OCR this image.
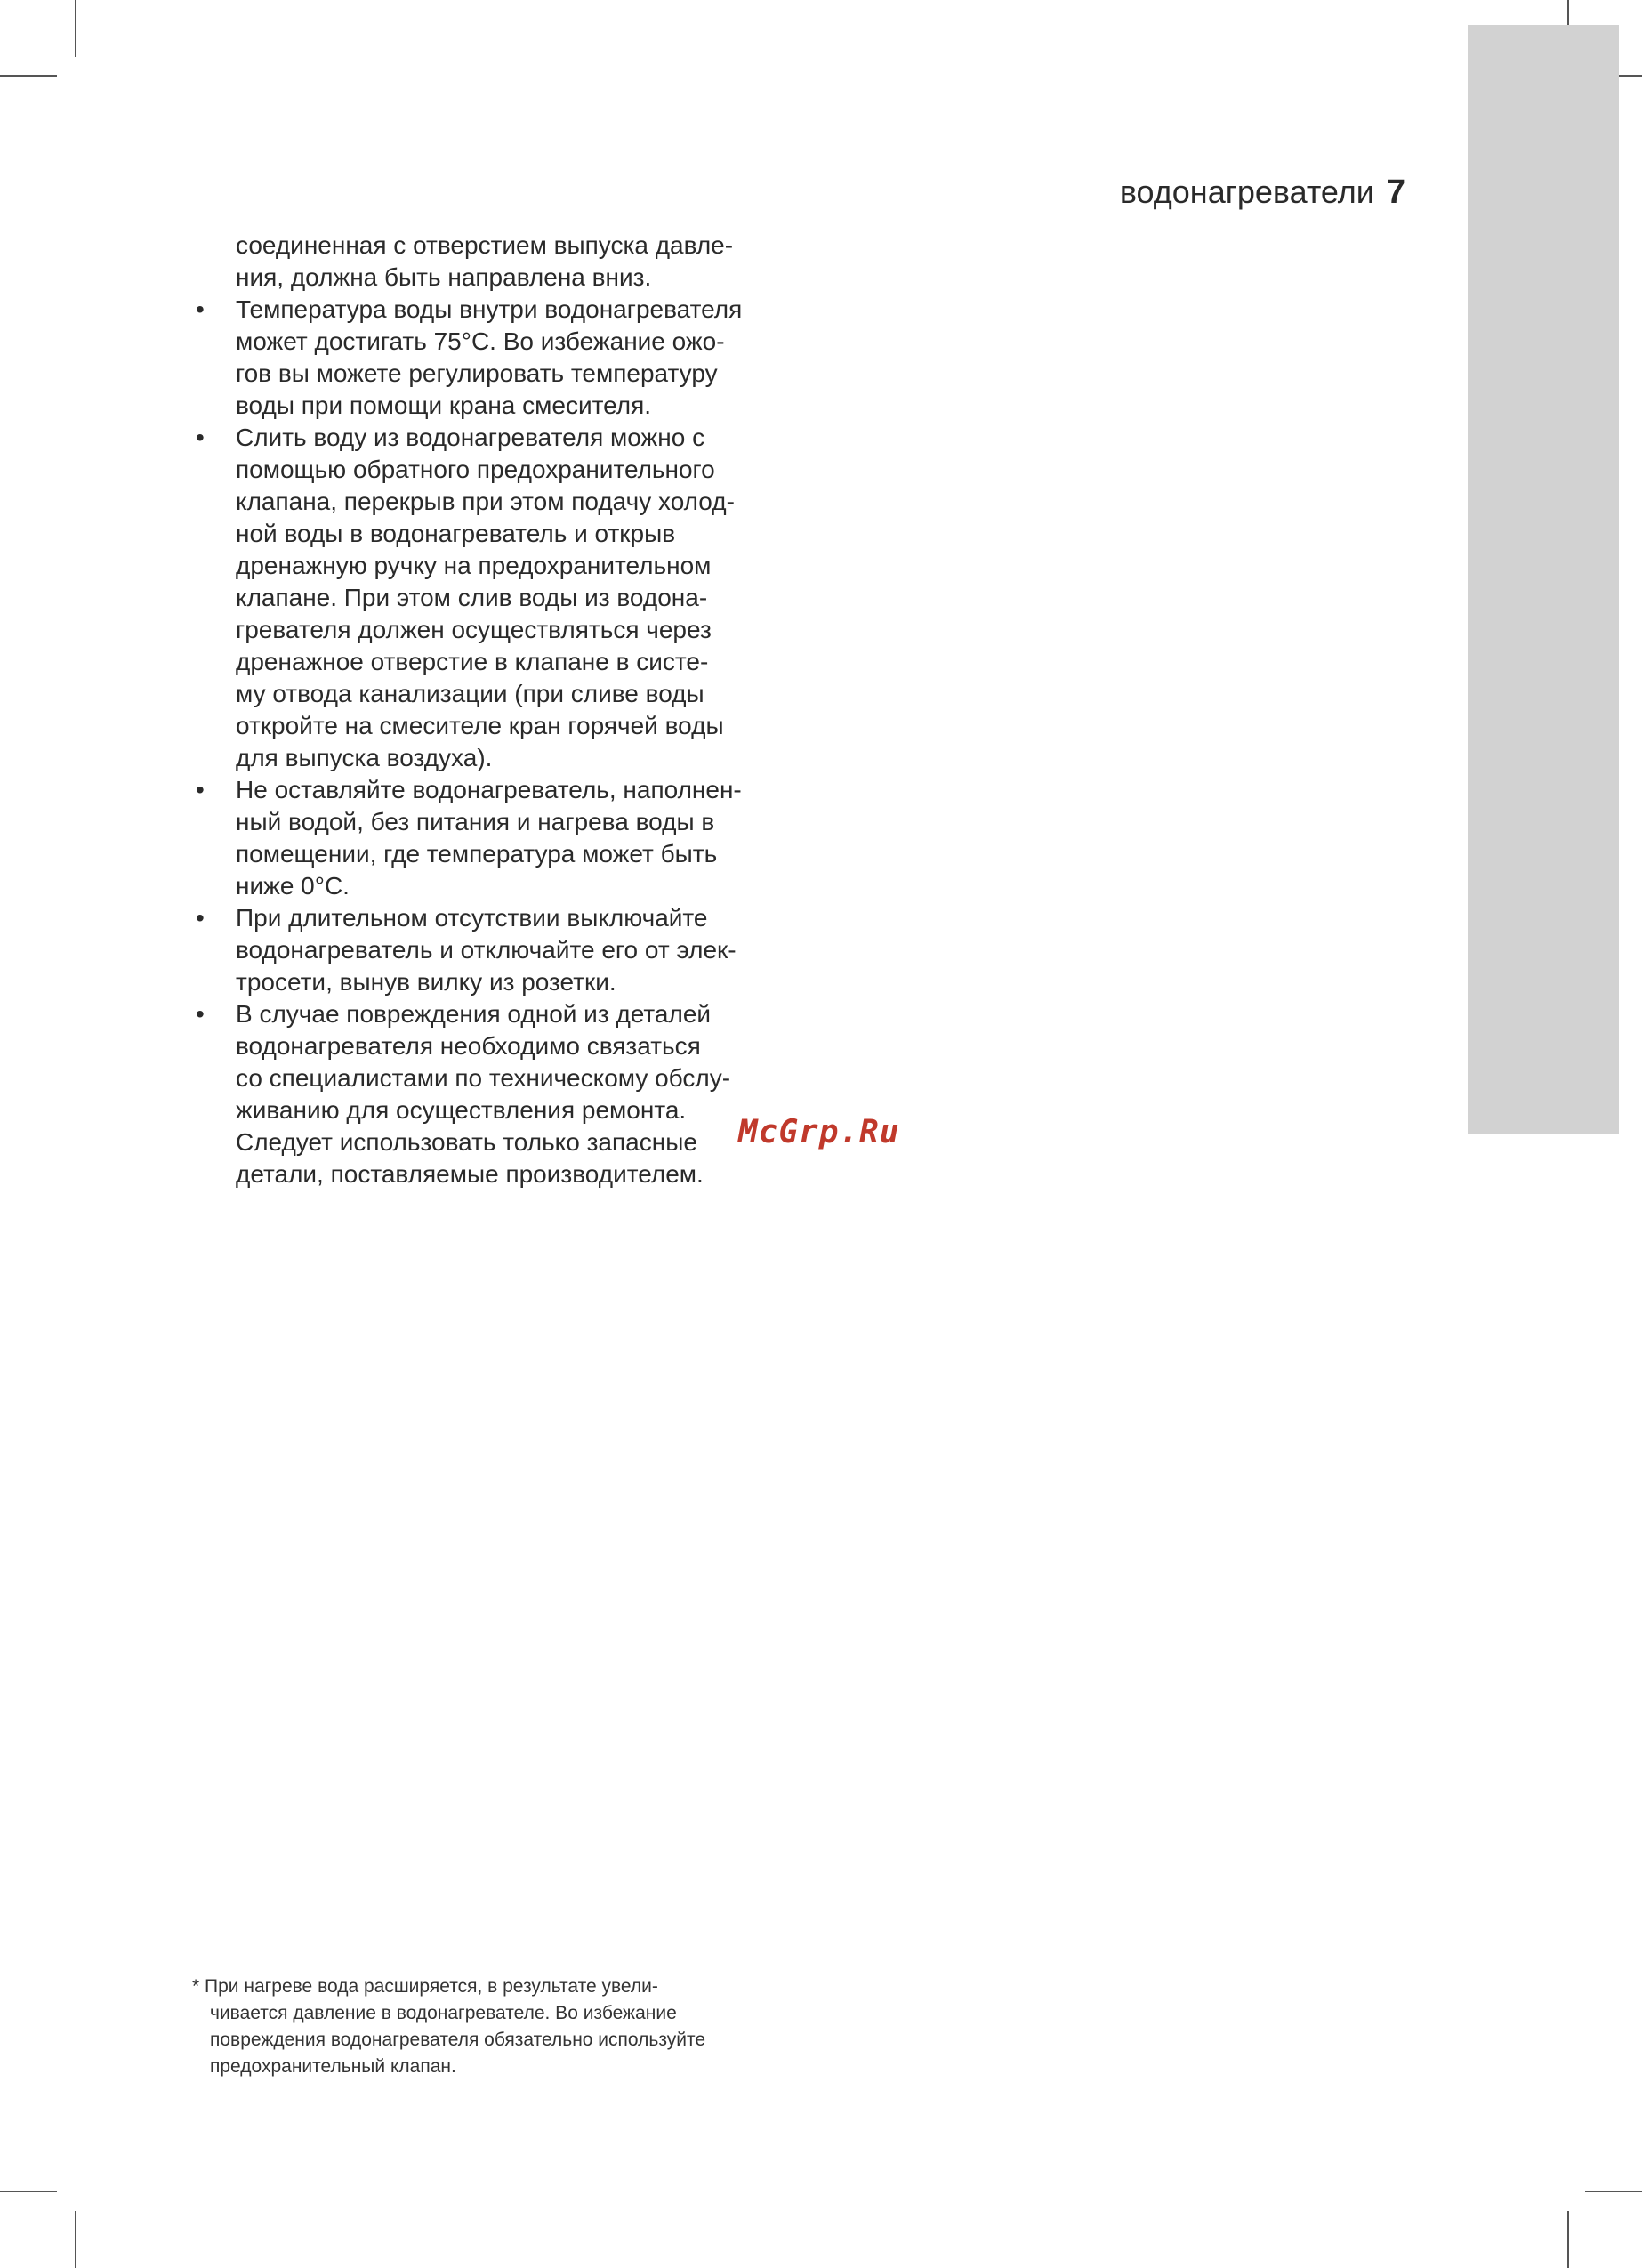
водонагреватели 7
соединенная с отверстием выпуска давле-
ния, должна быть направлена вниз.
• Температура воды внутри водонагревателя
может достигать 75°C. Во избежание ожо-
гов вы можете регулировать температуру
воды при помощи крана смесителя.
• Слить воду из водонагревателя можно с
помощью обратного предохранительного
клапана, перекрыв при этом подачу холод-
ной воды в водонагреватель и открыв
дренажную ручку на предохранительном
клапане. При этом слив воды из водона-
гревателя должен осуществляться через
дренажное отверстие в клапане в систе-
му отвода канализации (при сливе воды
откройте на смесителе кран горячей воды
для выпуска воздуха).
• Не оставляйте водонагреватель, наполнен-
ный водой, без питания и нагрева воды в
помещении, где температура может быть
ниже 0°C.
• При длительном отсутствии выключайте
водонагреватель и отключайте его от элек-
тросети, вынув вилку из розетки.
• В случае повреждения одной из деталей
водонагревателя необходимо связаться
со специалистами по техническому обслу-
живанию для осуществления ремонта.
Следует использовать только запасные
детали, поставляемые производителем.
McGrp.Ru
* При нагреве вода расширяется, в результате увели-
чивается давление в водонагревателе. Во избежание
повреждения водонагревателя обязательно используйте
предохранительный клапан.
